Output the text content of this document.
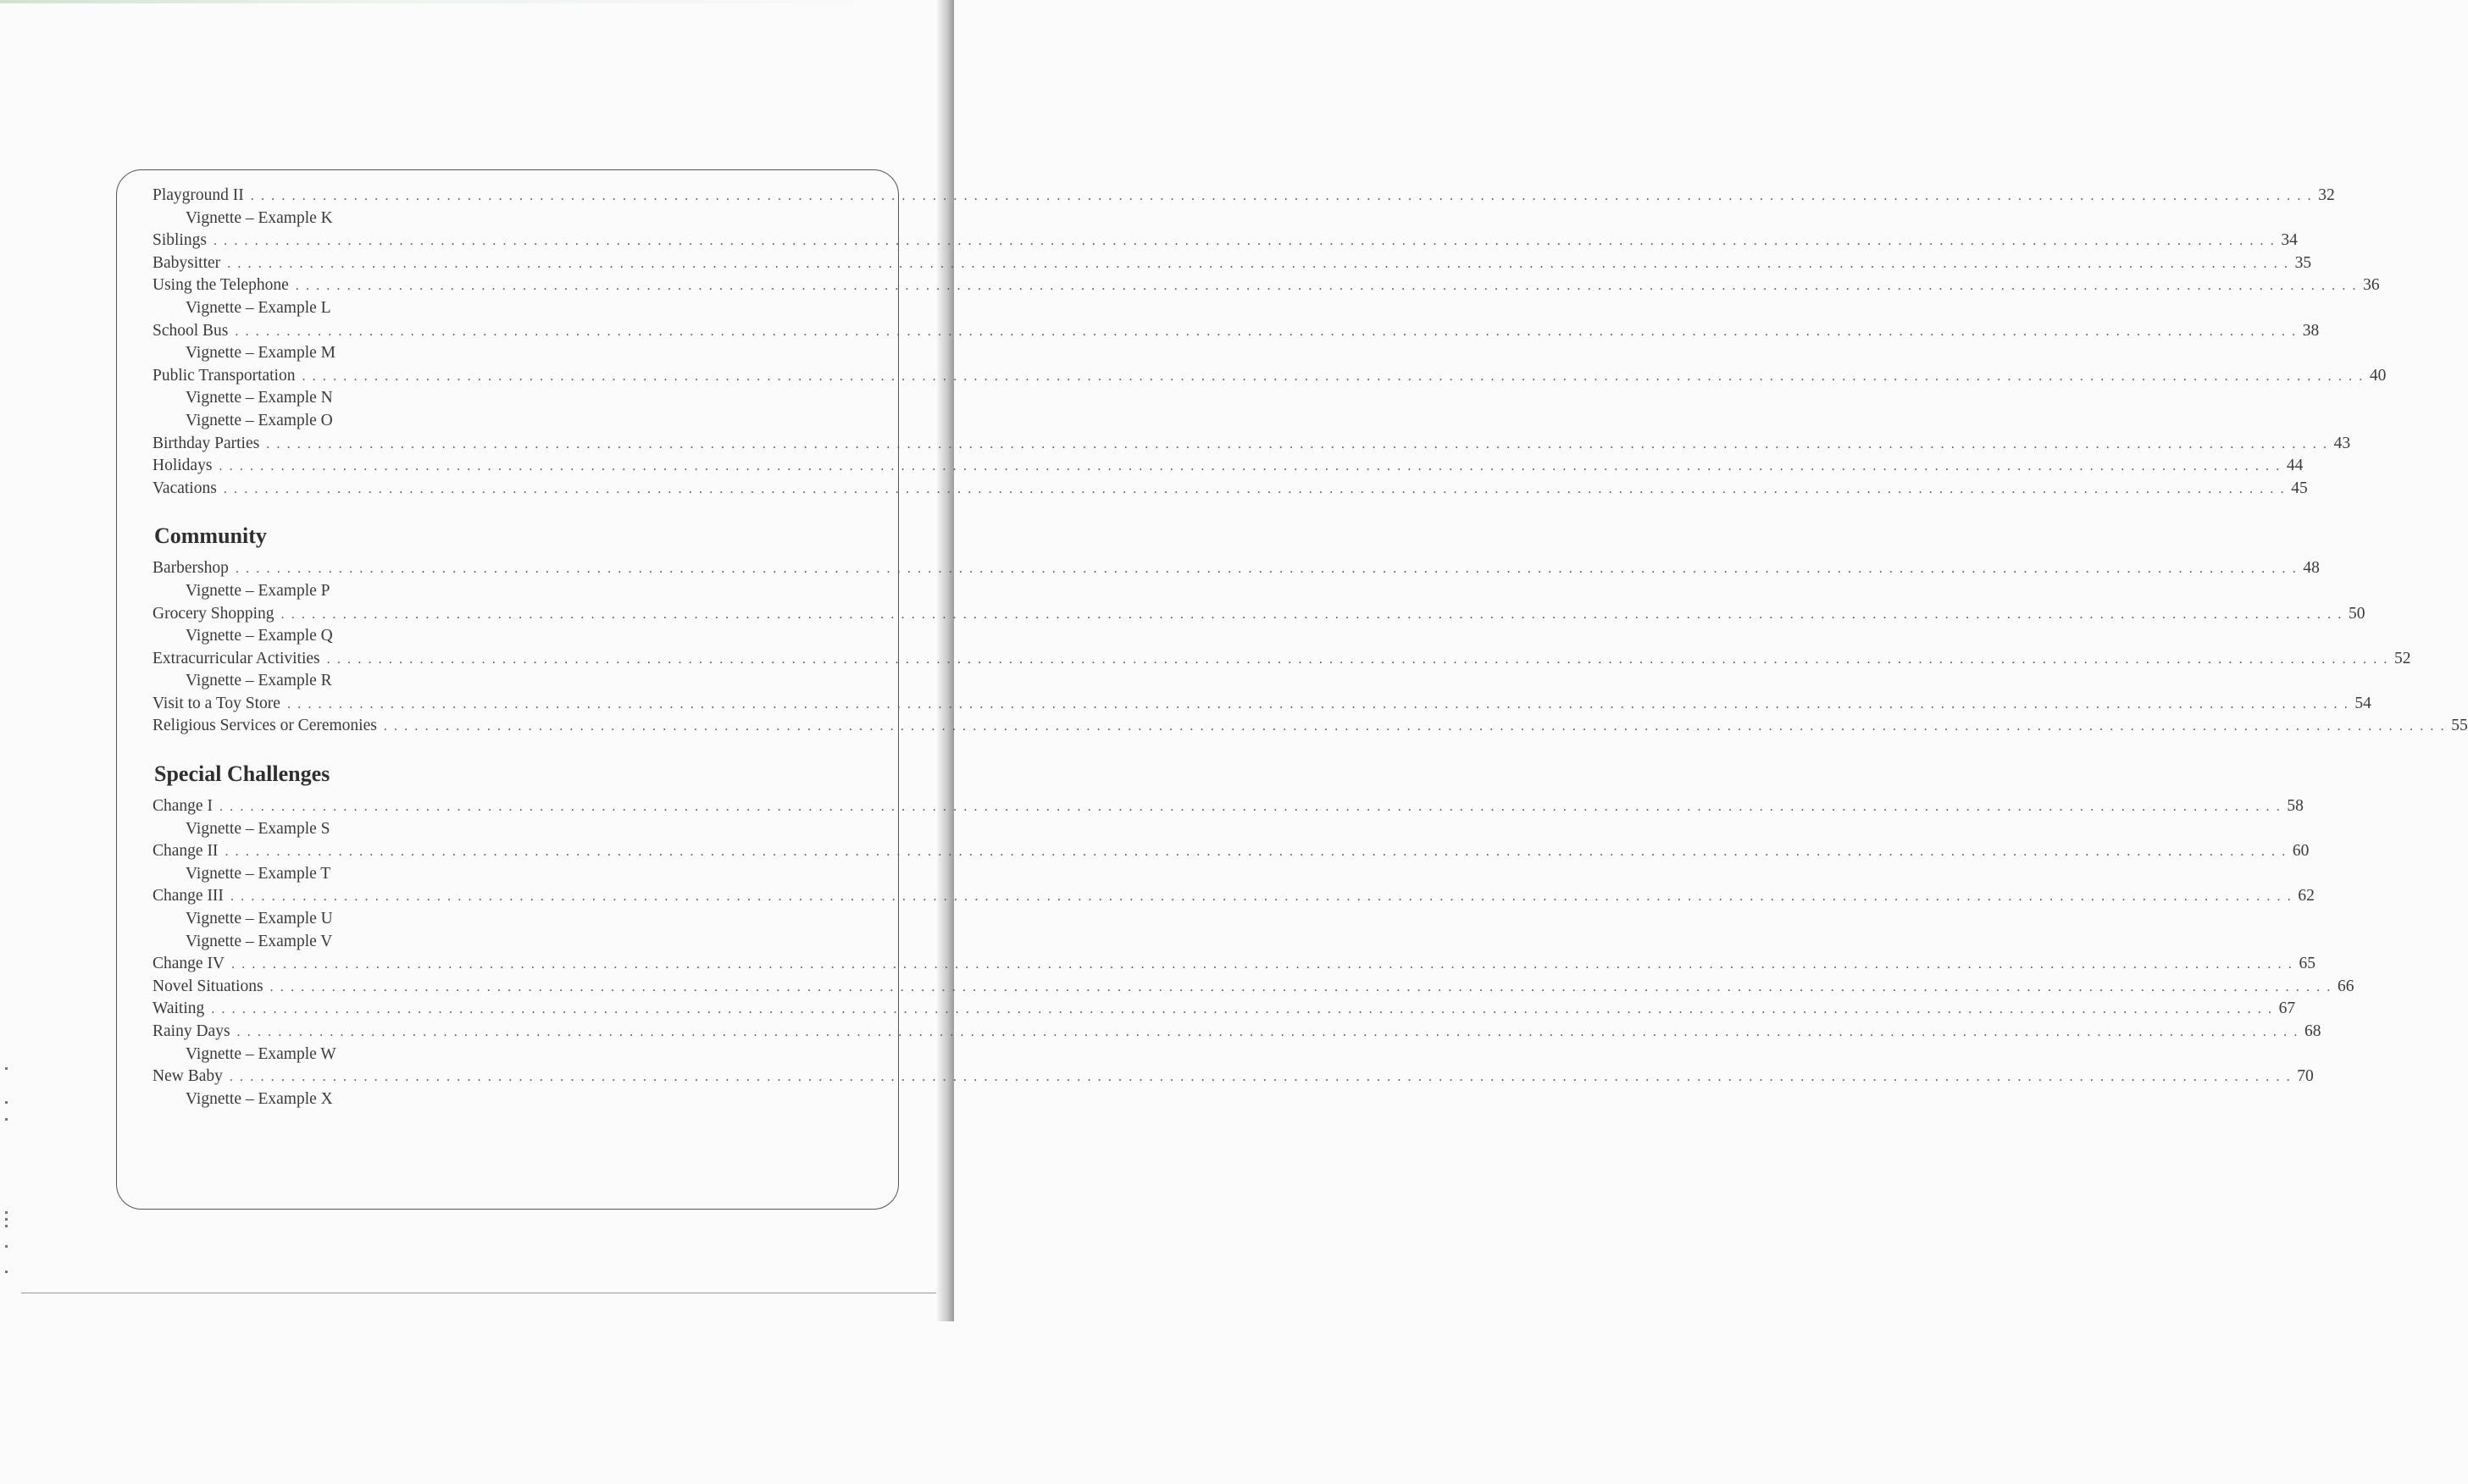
Playground II . . . . . . . . . . . . . . . . . . . . . . . . . . . . . . . . . . . . . . . . . . . . . . . . . . . . . . . . . . . . . . . . . . . . . . . . . . . . . . . . . . . . . . . . . . . . . . . . . . . . . . . . . . . . . . . . . . . . . . . . . . . . . . . . . . . . . . . . . . . . . . . . . . . . . . . . . . . . . . . . . . . . . . . . . . . . . . . . . . . . . . . . . . . . . . . . . . . . . . . . 32
Vignette – Example K
Siblings . . . . . . . . . . . . . . . . . . . . . . . . . . . . . . . . . . . . . . . . . . . . . . . . . . . . . . . . . . . . . . . . . . . . . . . . . . . . . . . . . . . . . . . . . . . . . . . . . . . . . . . . . . . . . . . . . . . . . . . . . . . . . . . . . . . . . . . . . . . . . . . . . . . . . . . . . . . . . . . . . . . . . . . . . . . . . . . . . . . . . . . . . . . . . . . . . . . . . . . . 34
Babysitter . . . . . . . . . . . . . . . . . . . . . . . . . . . . . . . . . . . . . . . . . . . . . . . . . . . . . . . . . . . . . . . . . . . . . . . . . . . . . . . . . . . . . . . . . . . . . . . . . . . . . . . . . . . . . . . . . . . . . . . . . . . . . . . . . . . . . . . . . . . . . . . . . . . . . . . . . . . . . . . . . . . . . . . . . . . . . . . . . . . . . . . . . . . . . . . . . . . . . . . . 35
Using the Telephone . . . . . . . . . . . . . . . . . . . . . . . . . . . . . . . . . . . . . . . . . . . . . . . . . . . . . . . . . . . . . . . . . . . . . . . . . . . . . . . . . . . . . . . . . . . . . . . . . . . . . . . . . . . . . . . . . . . . . . . . . . . . . . . . . . . . . . . . . . . . . . . . . . . . . . . . . . . . . . . . . . . . . . . . . . . . . . . . . . . . . . . . . . . . . . . . . . . . . . . . 36
Vignette – Example L
School Bus . . . . . . . . . . . . . . . . . . . . . . . . . . . . . . . . . . . . . . . . . . . . . . . . . . . . . . . . . . . . . . . . . . . . . . . . . . . . . . . . . . . . . . . . . . . . . . . . . . . . . . . . . . . . . . . . . . . . . . . . . . . . . . . . . . . . . . . . . . . . . . . . . . . . . . . . . . . . . . . . . . . . . . . . . . . . . . . . . . . . . . . . . . . . . . . . . . . . . . . . 38
Vignette – Example M
Public Transportation . . . . . . . . . . . . . . . . . . . . . . . . . . . . . . . . . . . . . . . . . . . . . . . . . . . . . . . . . . . . . . . . . . . . . . . . . . . . . . . . . . . . . . . . . . . . . . . . . . . . . . . . . . . . . . . . . . . . . . . . . . . . . . . . . . . . . . . . . . . . . . . . . . . . . . . . . . . . . . . . . . . . . . . . . . . . . . . . . . . . . . . . . . . . . . . . . . . . . . . . 40
Vignette – Example N
Vignette – Example O
Birthday Parties . . . . . . . . . . . . . . . . . . . . . . . . . . . . . . . . . . . . . . . . . . . . . . . . . . . . . . . . . . . . . . . . . . . . . . . . . . . . . . . . . . . . . . . . . . . . . . . . . . . . . . . . . . . . . . . . . . . . . . . . . . . . . . . . . . . . . . . . . . . . . . . . . . . . . . . . . . . . . . . . . . . . . . . . . . . . . . . . . . . . . . . . . . . . . . . . . . . . . . . . 43
Holidays . . . . . . . . . . . . . . . . . . . . . . . . . . . . . . . . . . . . . . . . . . . . . . . . . . . . . . . . . . . . . . . . . . . . . . . . . . . . . . . . . . . . . . . . . . . . . . . . . . . . . . . . . . . . . . . . . . . . . . . . . . . . . . . . . . . . . . . . . . . . . . . . . . . . . . . . . . . . . . . . . . . . . . . . . . . . . . . . . . . . . . . . . . . . . . . . . . . . . . . . 44
Vacations . . . . . . . . . . . . . . . . . . . . . . . . . . . . . . . . . . . . . . . . . . . . . . . . . . . . . . . . . . . . . . . . . . . . . . . . . . . . . . . . . . . . . . . . . . . . . . . . . . . . . . . . . . . . . . . . . . . . . . . . . . . . . . . . . . . . . . . . . . . . . . . . . . . . . . . . . . . . . . . . . . . . . . . . . . . . . . . . . . . . . . . . . . . . . . . . . . . . . . . . 45
Community
Barbershop . . . . . . . . . . . . . . . . . . . . . . . . . . . . . . . . . . . . . . . . . . . . . . . . . . . . . . . . . . . . . . . . . . . . . . . . . . . . . . . . . . . . . . . . . . . . . . . . . . . . . . . . . . . . . . . . . . . . . . . . . . . . . . . . . . . . . . . . . . . . . . . . . . . . . . . . . . . . . . . . . . . . . . . . . . . . . . . . . . . . . . . . . . . . . . . . . . . . . . . . 48
Vignette – Example P
Grocery Shopping . . . . . . . . . . . . . . . . . . . . . . . . . . . . . . . . . . . . . . . . . . . . . . . . . . . . . . . . . . . . . . . . . . . . . . . . . . . . . . . . . . . . . . . . . . . . . . . . . . . . . . . . . . . . . . . . . . . . . . . . . . . . . . . . . . . . . . . . . . . . . . . . . . . . . . . . . . . . . . . . . . . . . . . . . . . . . . . . . . . . . . . . . . . . . . . . . . . . . . . . 50
Vignette – Example Q
Extracurricular Activities . . . . . . . . . . . . . . . . . . . . . . . . . . . . . . . . . . . . . . . . . . . . . . . . . . . . . . . . . . . . . . . . . . . . . . . . . . . . . . . . . . . . . . . . . . . . . . . . . . . . . . . . . . . . . . . . . . . . . . . . . . . . . . . . . . . . . . . . . . . . . . . . . . . . . . . . . . . . . . . . . . . . . . . . . . . . . . . . . . . . . . . . . . . . . . . . . . . . . . . . 52
Vignette – Example R
Visit to a Toy Store . . . . . . . . . . . . . . . . . . . . . . . . . . . . . . . . . . . . . . . . . . . . . . . . . . . . . . . . . . . . . . . . . . . . . . . . . . . . . . . . . . . . . . . . . . . . . . . . . . . . . . . . . . . . . . . . . . . . . . . . . . . . . . . . . . . . . . . . . . . . . . . . . . . . . . . . . . . . . . . . . . . . . . . . . . . . . . . . . . . . . . . . . . . . . . . . . . . . . . . . 54
Religious Services or Ceremonies . . . . . . . . . . . . . . . . . . . . . . . . . . . . . . . . . . . . . . . . . . . . . . . . . . . . . . . . . . . . . . . . . . . . . . . . . . . . . . . . . . . . . . . . . . . . . . . . . . . . . . . . . . . . . . . . . . . . . . . . . . . . . . . . . . . . . . . . . . . . . . . . . . . . . . . . . . . . . . . . . . . . . . . . . . . . . . . . . . . . . . . . . . . . . . . . . . . . . . . . 55
Special Challenges
Change I . . . . . . . . . . . . . . . . . . . . . . . . . . . . . . . . . . . . . . . . . . . . . . . . . . . . . . . . . . . . . . . . . . . . . . . . . . . . . . . . . . . . . . . . . . . . . . . . . . . . . . . . . . . . . . . . . . . . . . . . . . . . . . . . . . . . . . . . . . . . . . . . . . . . . . . . . . . . . . . . . . . . . . . . . . . . . . . . . . . . . . . . . . . . . . . . . . . . . . . . 58
Vignette – Example S
Change II . . . . . . . . . . . . . . . . . . . . . . . . . . . . . . . . . . . . . . . . . . . . . . . . . . . . . . . . . . . . . . . . . . . . . . . . . . . . . . . . . . . . . . . . . . . . . . . . . . . . . . . . . . . . . . . . . . . . . . . . . . . . . . . . . . . . . . . . . . . . . . . . . . . . . . . . . . . . . . . . . . . . . . . . . . . . . . . . . . . . . . . . . . . . . . . . . . . . . . . . 60
Vignette – Example T
Change III . . . . . . . . . . . . . . . . . . . . . . . . . . . . . . . . . . . . . . . . . . . . . . . . . . . . . . . . . . . . . . . . . . . . . . . . . . . . . . . . . . . . . . . . . . . . . . . . . . . . . . . . . . . . . . . . . . . . . . . . . . . . . . . . . . . . . . . . . . . . . . . . . . . . . . . . . . . . . . . . . . . . . . . . . . . . . . . . . . . . . . . . . . . . . . . . . . . . . . . . 62
Vignette – Example U
Vignette – Example V
Change IV . . . . . . . . . . . . . . . . . . . . . . . . . . . . . . . . . . . . . . . . . . . . . . . . . . . . . . . . . . . . . . . . . . . . . . . . . . . . . . . . . . . . . . . . . . . . . . . . . . . . . . . . . . . . . . . . . . . . . . . . . . . . . . . . . . . . . . . . . . . . . . . . . . . . . . . . . . . . . . . . . . . . . . . . . . . . . . . . . . . . . . . . . . . . . . . . . . . . . . . . 65
Novel Situations . . . . . . . . . . . . . . . . . . . . . . . . . . . . . . . . . . . . . . . . . . . . . . . . . . . . . . . . . . . . . . . . . . . . . . . . . . . . . . . . . . . . . . . . . . . . . . . . . . . . . . . . . . . . . . . . . . . . . . . . . . . . . . . . . . . . . . . . . . . . . . . . . . . . . . . . . . . . . . . . . . . . . . . . . . . . . . . . . . . . . . . . . . . . . . . . . . . . . . . . 66
Waiting . . . . . . . . . . . . . . . . . . . . . . . . . . . . . . . . . . . . . . . . . . . . . . . . . . . . . . . . . . . . . . . . . . . . . . . . . . . . . . . . . . . . . . . . . . . . . . . . . . . . . . . . . . . . . . . . . . . . . . . . . . . . . . . . . . . . . . . . . . . . . . . . . . . . . . . . . . . . . . . . . . . . . . . . . . . . . . . . . . . . . . . . . . . . . . . . . . . . . . . . 67
Rainy Days . . . . . . . . . . . . . . . . . . . . . . . . . . . . . . . . . . . . . . . . . . . . . . . . . . . . . . . . . . . . . . . . . . . . . . . . . . . . . . . . . . . . . . . . . . . . . . . . . . . . . . . . . . . . . . . . . . . . . . . . . . . . . . . . . . . . . . . . . . . . . . . . . . . . . . . . . . . . . . . . . . . . . . . . . . . . . . . . . . . . . . . . . . . . . . . . . . . . . . . . 68
Vignette – Example W
New Baby . . . . . . . . . . . . . . . . . . . . . . . . . . . . . . . . . . . . . . . . . . . . . . . . . . . . . . . . . . . . . . . . . . . . . . . . . . . . . . . . . . . . . . . . . . . . . . . . . . . . . . . . . . . . . . . . . . . . . . . . . . . . . . . . . . . . . . . . . . . . . . . . . . . . . . . . . . . . . . . . . . . . . . . . . . . . . . . . . . . . . . . . . . . . . . . . . . . . . . . . 70
Vignette – Example X
